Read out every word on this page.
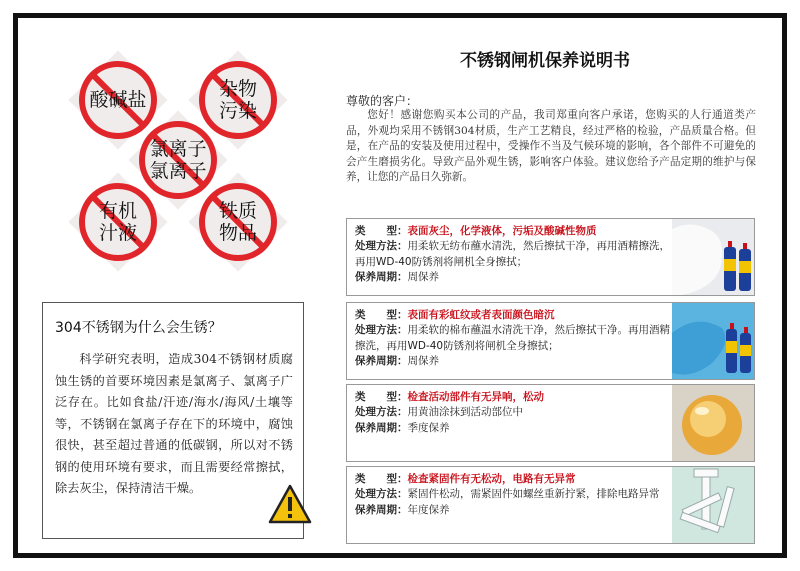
酸碱盐	杂物
污染
氯离子
氯离子
有机
汁液
铁质
物品
304不锈钢为什么会生锈？
科学研究表明，造成304不锈钢材质腐蚀生锈的首要环境因素是氯离子、氯离子广泛存在。比如食盐/汗迹/海水/海风/土壤等等，不锈钢在氯离子存在下的环境中，腐蚀很快，甚至超过普通的低碳钢，所以对不锈钢的使用环境有要求，而且需要经常擦拭，除去灰尘，保持清洁干燥。
不锈钢闸机保养说明书
尊敬的客户：
您好！感谢您购买本公司的产品，我司郑重向客户承诺，您购买的人行通道类产品，外观均采用不锈钢304材质，生产工艺精良，经过严格的检验，产品质量合格。但是，在产品的安装及使用过程中，受操作不当及气候环境的影响，各个部件不可避免的会产生磨损劣化。导致产品外观生锈，影响客户体验。建议您给予产品定期的维护与保养，让您的产品日久弥新。
类　　型：表面灰尘，化学液体，污垢及酸碱性物质
处理方法：用柔软无纺布蘸水清洗，然后擦拭干净，再用酒精擦洗，再用WD-40防锈剂将闸机全身擦拭；
保养周期：周保养
类　　型：表面有彩虹纹或者表面颜色暗沉
处理方法：用柔软的棉布蘸温水清洗干净，然后擦拭干净。再用酒精擦洗，再用WD-40防锈剂将闸机全身擦拭；
保养周期：周保养
类　　型：检查活动部件有无异响，松动
处理方法：用黄油涂抹到活动部位中
保养周期：季度保养
类　　型：检查紧固件有无松动，电路有无异常
处理方法：紧固件松动，需紧固件如螺丝重新拧紧，排除电路异常
保养周期：年度保养
